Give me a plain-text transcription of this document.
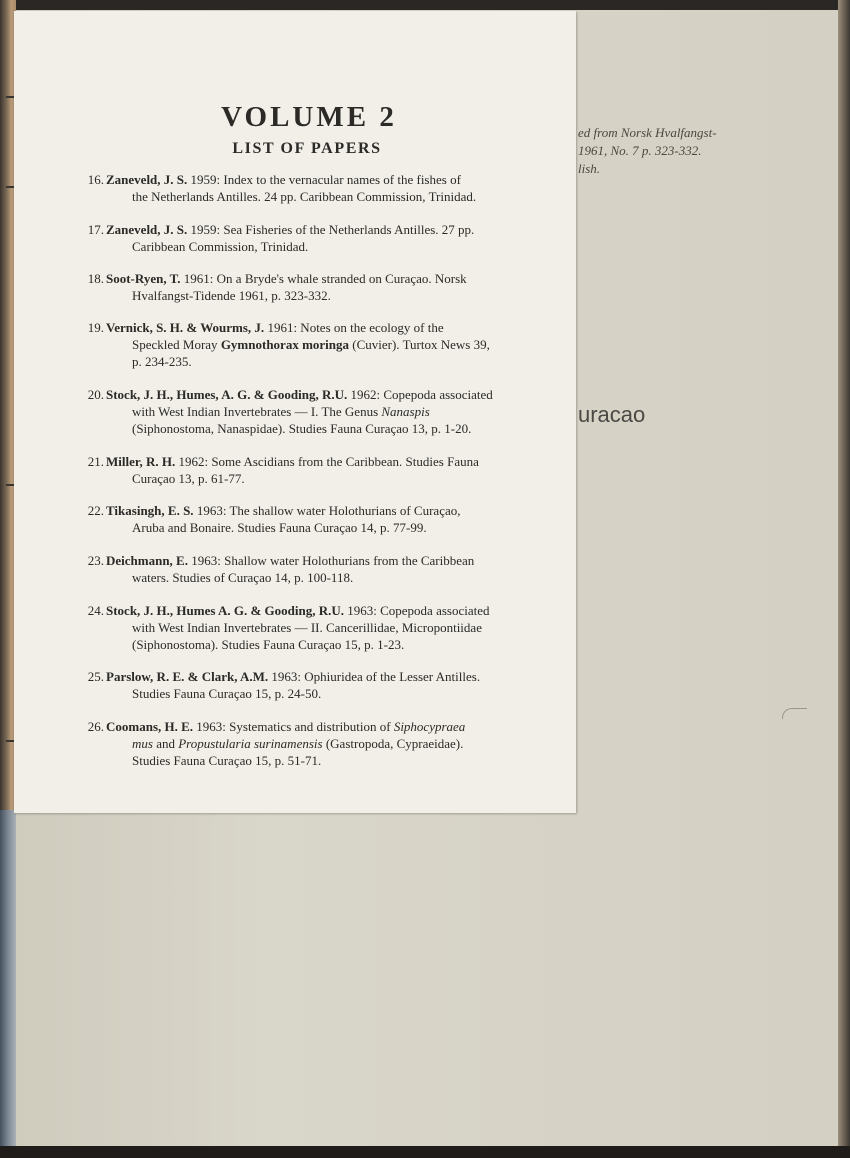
ed from Norsk Hvalfangst-
1961, No. 7 p. 323-332.
lish.
uracao
VOLUME 2
LIST OF PAPERS
16. Zaneveld, J. S. 1959: Index to the vernacular names of the fishes of
the Netherlands Antilles. 24 pp. Caribbean Commission, Trinidad.
17. Zaneveld, J. S. 1959: Sea Fisheries of the Netherlands Antilles. 27 pp.
Caribbean Commission, Trinidad.
18. Soot-Ryen, T. 1961: On a Bryde's whale stranded on Curaçao. Norsk
Hvalfangst-Tidende 1961, p. 323-332.
19. Vernick, S. H. & Wourms, J. 1961: Notes on the ecology of the
Speckled Moray Gymnothorax moringa (Cuvier). Turtox News 39,
p. 234-235.
20. Stock, J. H., Humes, A. G. & Gooding, R.U. 1962: Copepoda associated
with West Indian Invertebrates — I. The Genus Nanaspis
(Siphonostoma, Nanaspidae). Studies Fauna Curaçao 13, p. 1-20.
21. Miller, R. H. 1962: Some Ascidians from the Caribbean. Studies Fauna
Curaçao 13, p. 61-77.
22. Tikasingh, E. S. 1963: The shallow water Holothurians of Curaçao,
Aruba and Bonaire. Studies Fauna Curaçao 14, p. 77-99.
23. Deichmann, E. 1963: Shallow water Holothurians from the Caribbean
waters. Studies of Curaçao 14, p. 100-118.
24. Stock, J. H., Humes A. G. & Gooding, R.U. 1963: Copepoda associated
with West Indian Invertebrates — II. Cancerillidae, Micropontiidae
(Siphonostoma). Studies Fauna Curaçao 15, p. 1-23.
25. Parslow, R. E. & Clark, A.M. 1963: Ophiuridea of the Lesser Antilles.
Studies Fauna Curaçao 15, p. 24-50.
26. Coomans, H. E. 1963: Systematics and distribution of Siphocypraea
mus and Propustularia surinamensis (Gastropoda, Cypraeidae).
Studies Fauna Curaçao 15, p. 51-71.
